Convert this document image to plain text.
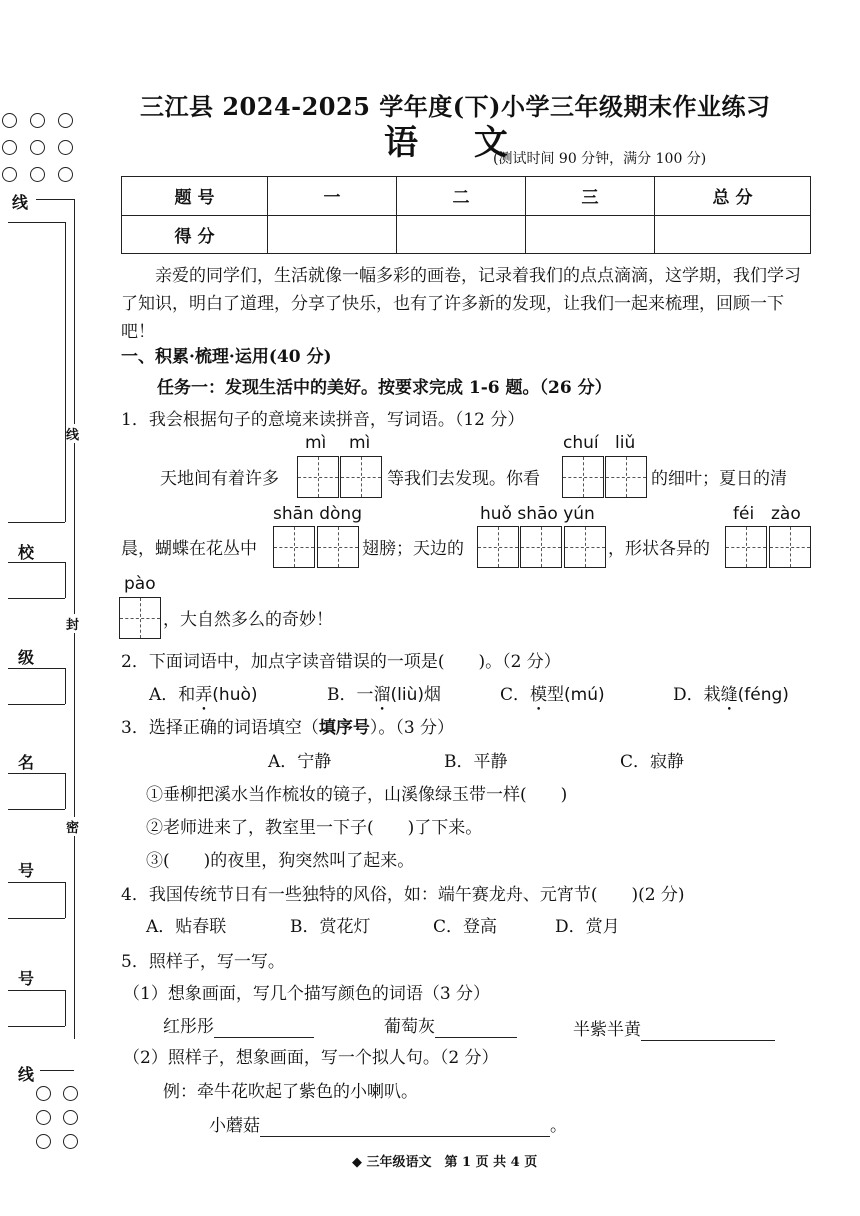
线
线
校
封
级
名
密
号
号
线
三江县 2024-2025 学年度(下)小学三年级期末作业练习
语 文
(测试时间 90 分钟，满分 100 分)
题 号	一	二	三	总 分
得 分				
亲爱的同学们，生活就像一幅多彩的画卷，记录着我们的点点滴滴，这学期，我们学习了知识，明白了道理，分享了快乐，也有了许多新的发现，让我们一起来梳理，回顾一下吧！
一、积累·梳理·运用(40 分)
任务一：发现生活中的美好。按要求完成 1-6 题。（26 分）
1．我会根据句子的意境来读拼音，写词语。（12 分）
mì mì	chuí liǔ
天地间有着许多	等我们去发现。你看	的细叶；夏日的清
shān dòng	huǒ shāo yún	féi zào
晨，蝴蝶在花丛中	翅膀；天边的	，形状各异的
pào
，大自然多么的奇妙！
2．下面词语中，加点字读音错误的一项是(　　)。（2 分）
A．和弄(huò)	B．一溜(liù)烟	C．模型(mú)	D．栽缝(féng)
3．选择正确的词语填空（填序号）。（3 分）
A．宁静	B．平静	C．寂静
①垂柳把溪水当作梳妆的镜子，山溪像绿玉带一样(　　)
②老师进来了，教室里一下子(　　)了下来。
③(　　)的夜里，狗突然叫了起来。
4．我国传统节日有一些独特的风俗，如：端午赛龙舟、元宵节(　　)(2 分)
A．贴春联	B．赏花灯	C．登高	D．赏月
5．照样子，写一写。
（1）想象画面，写几个描写颜色的词语（3 分）
红彤彤	葡萄灰	半紫半黄
（2）照样子，想象画面，写一个拟人句。（2 分）
例：牵牛花吹起了紫色的小喇叭。
小蘑菇	。
◆ 三年级语文　第 1 页 共 4 页
